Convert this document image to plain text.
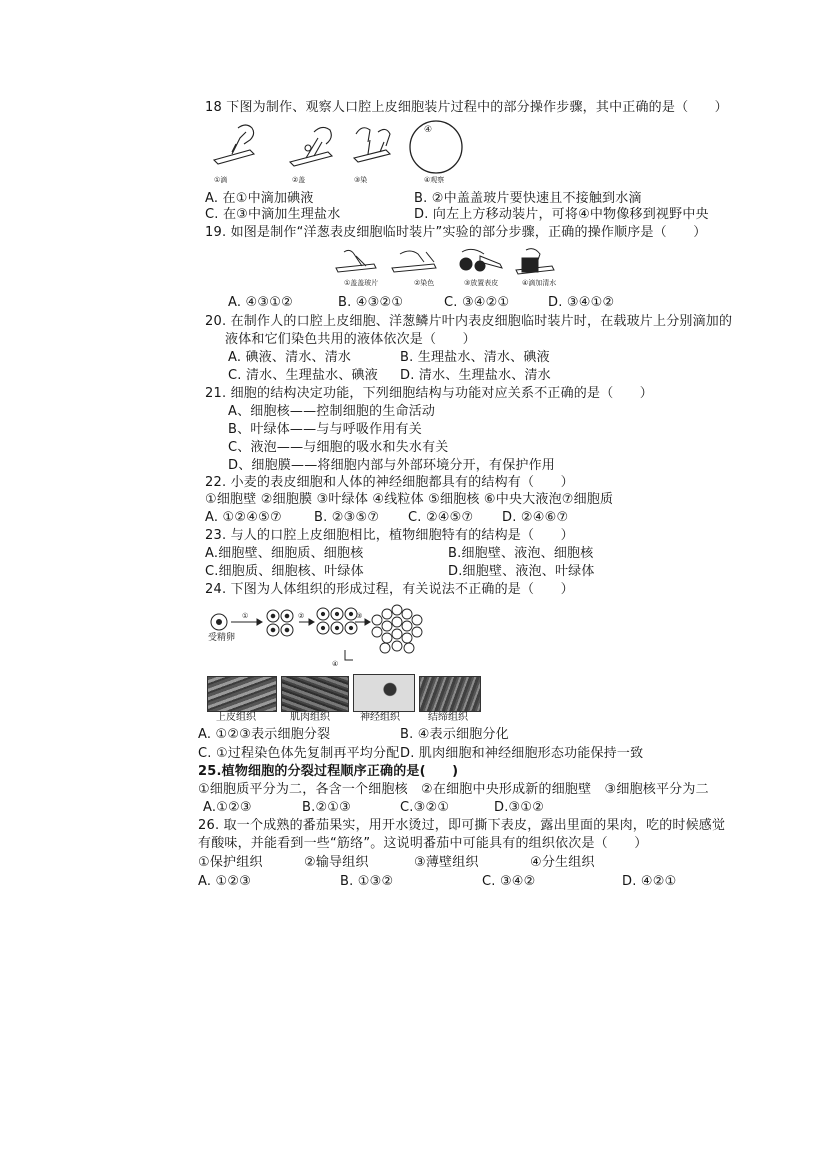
18 下图为制作、观察人口腔上皮细胞装片过程中的部分操作步骤，其中正确的是（　　）
①滴	②盖	③染	④观察
④
A. 在①中滴加碘液	B. ②中盖盖玻片要快速且不接触到水滴
C. 在③中滴加生理盐水	D. 向左上方移动装片，可将④中物像移到视野中央
19. 如图是制作“洋葱表皮细胞临时装片”实验的部分步骤，正确的操作顺序是（　　）
①盖盖玻片	②染色	③放置表皮	④滴加清水
A. ④③①②	B. ④③②①	C. ③④②①	D. ③④①②
20. 在制作人的口腔上皮细胞、洋葱鳞片叶内表皮细胞临时装片时，在载玻片上分别滴加的
液体和它们染色共用的液体依次是（　　）
A. 碘液、清水、清水	B. 生理盐水、清水、碘液
C. 清水、生理盐水、碘液 D. 清水、生理盐水、清水
21. 细胞的结构决定功能，下列细胞结构与功能对应关系不正确的是（　　）
A、细胞核——控制细胞的生命活动
B、叶绿体——与与呼吸作用有关
C、液泡——与细胞的吸水和失水有关
D、细胞膜——将细胞内部与外部环境分开，有保护作用
22. 小麦的表皮细胞和人体的神经细胞都具有的结构有（　　）
①细胞壁 ②细胞膜 ③叶绿体 ④线粒体 ⑤细胞核 ⑥中央大液泡⑦细胞质
A. ①②④⑤⑦ B. ②③⑤⑦ C. ②④⑤⑦ D. ②④⑥⑦
23. 与人的口腔上皮细胞相比，植物细胞特有的结构是（　　）
A.细胞壁、细胞质、细胞核	B.细胞壁、液泡、细胞核
C.细胞质、细胞核、叶绿体	D.细胞壁、液泡、叶绿体
24. 下图为人体组织的形成过程，有关说法不正确的是（　　）
受精卵
①	②	③
④
上皮组织	肌肉组织	神经组织	结缔组织
A. ①②③表示细胞分裂	B. ④表示细胞分化
C. ①过程染色体先复制再平均分配 D. 肌肉细胞和神经细胞形态功能保持一致
25.植物细胞的分裂过程顺序正确的是(　　)
①细胞质平分为二，各含一个细胞核　②在细胞中央形成新的细胞壁　③细胞核平分为二
A.①②③	B.②①③	C.③②①	D.③①②
26. 取一个成熟的番茄果实，用开水烫过，即可撕下表皮，露出里面的果肉，吃的时候感觉
有酸味，并能看到一些“筋络”。这说明番茄中可能具有的组织依次是（　　）
①保护组织	②输导组织	③薄壁组织	④分生组织
A. ①②③	B. ①③②	C. ③④②	D. ④②①
